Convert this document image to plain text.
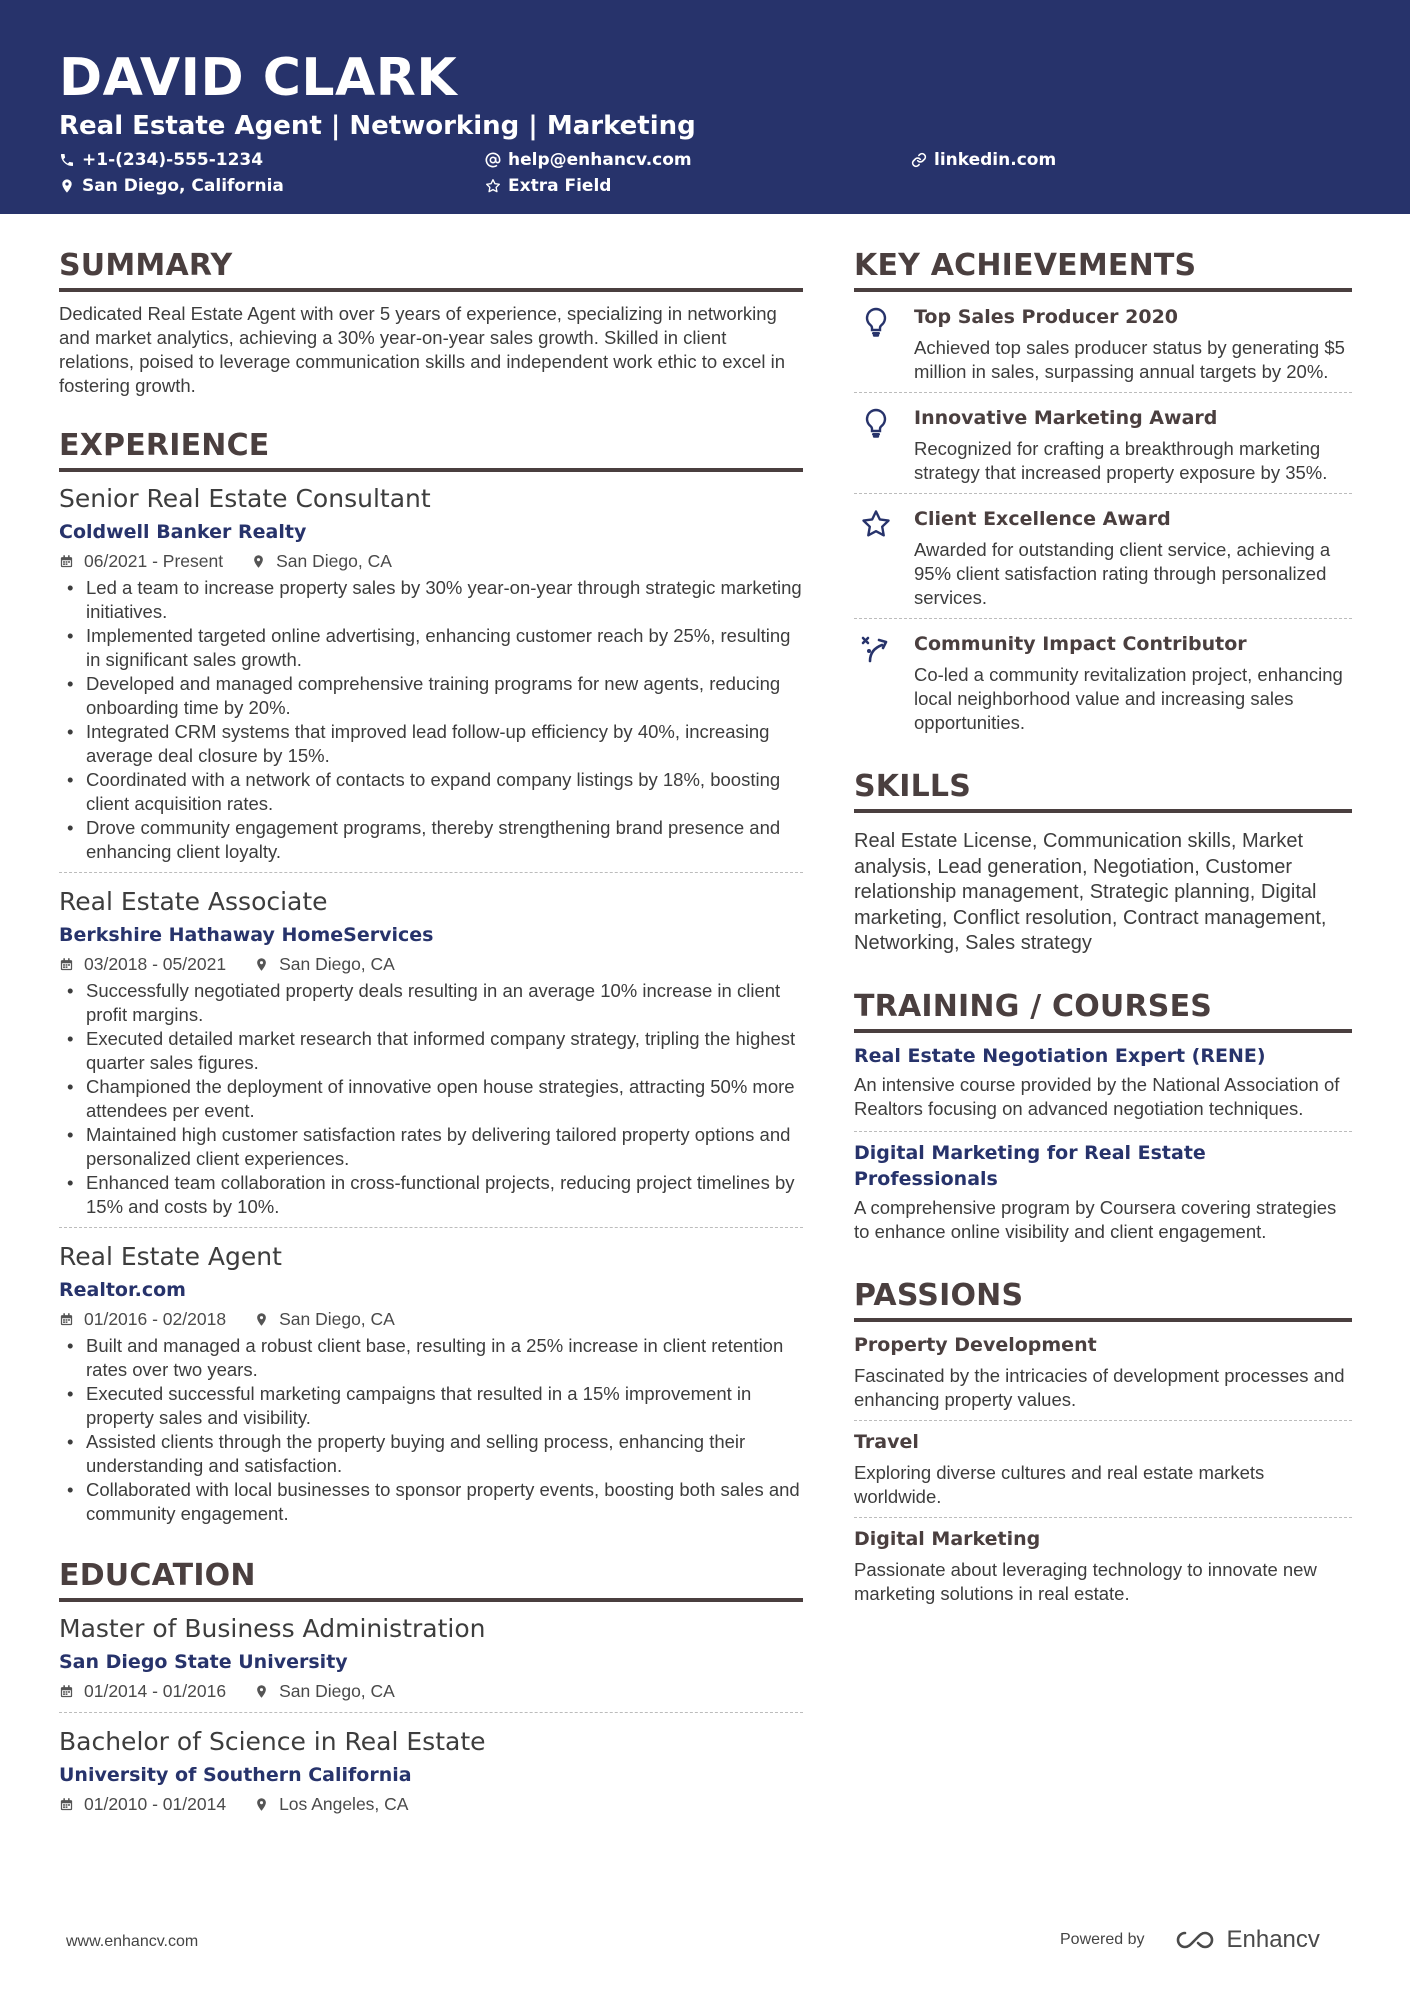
DAVID CLARK
Real Estate Agent | Networking | Marketing
+1-(234)-555-1234	help@enhancv.com	linkedin.com
San Diego, California	Extra Field
SUMMARY
Dedicated Real Estate Agent with over 5 years of experience, specializing in networking and market analytics, achieving a 30% year-on-year sales growth. Skilled in client relations, poised to leverage communication skills and independent work ethic to excel in fostering growth.
EXPERIENCE
Senior Real Estate Consultant
Coldwell Banker Realty
06/2021 - Present	San Diego, CA
• Led a team to increase property sales by 30% year-on-year through strategic marketing initiatives.
• Implemented targeted online advertising, enhancing customer reach by 25%, resulting in significant sales growth.
• Developed and managed comprehensive training programs for new agents, reducing onboarding time by 20%.
• Integrated CRM systems that improved lead follow-up efficiency by 40%, increasing average deal closure by 15%.
• Coordinated with a network of contacts to expand company listings by 18%, boosting client acquisition rates.
• Drove community engagement programs, thereby strengthening brand presence and enhancing client loyalty.
Real Estate Associate
Berkshire Hathaway HomeServices
03/2018 - 05/2021	San Diego, CA
• Successfully negotiated property deals resulting in an average 10% increase in client profit margins.
• Executed detailed market research that informed company strategy, tripling the highest quarter sales figures.
• Championed the deployment of innovative open house strategies, attracting 50% more attendees per event.
• Maintained high customer satisfaction rates by delivering tailored property options and personalized client experiences.
• Enhanced team collaboration in cross-functional projects, reducing project timelines by 15% and costs by 10%.
Real Estate Agent
Realtor.com
01/2016 - 02/2018	San Diego, CA
• Built and managed a robust client base, resulting in a 25% increase in client retention rates over two years.
• Executed successful marketing campaigns that resulted in a 15% improvement in property sales and visibility.
• Assisted clients through the property buying and selling process, enhancing their understanding and satisfaction.
• Collaborated with local businesses to sponsor property events, boosting both sales and community engagement.
EDUCATION
Master of Business Administration
San Diego State University
01/2014 - 01/2016	San Diego, CA
Bachelor of Science in Real Estate
University of Southern California
01/2010 - 01/2014	Los Angeles, CA
KEY ACHIEVEMENTS
Top Sales Producer 2020
Achieved top sales producer status by generating $5 million in sales, surpassing annual targets by 20%.
Innovative Marketing Award
Recognized for crafting a breakthrough marketing strategy that increased property exposure by 35%.
Client Excellence Award
Awarded for outstanding client service, achieving a 95% client satisfaction rating through personalized services.
Community Impact Contributor
Co-led a community revitalization project, enhancing local neighborhood value and increasing sales opportunities.
SKILLS
Real Estate License, Communication skills, Market analysis, Lead generation, Negotiation, Customer relationship management, Strategic planning, Digital marketing, Conflict resolution, Contract management, Networking, Sales strategy
TRAINING / COURSES
Real Estate Negotiation Expert (RENE)
An intensive course provided by the National Association of Realtors focusing on advanced negotiation techniques.
Digital Marketing for Real Estate Professionals
A comprehensive program by Coursera covering strategies to enhance online visibility and client engagement.
PASSIONS
Property Development
Fascinated by the intricacies of development processes and enhancing property values.
Travel
Exploring diverse cultures and real estate markets worldwide.
Digital Marketing
Passionate about leveraging technology to innovate new marketing solutions in real estate.
www.enhancv.com	Powered by	Enhancv
